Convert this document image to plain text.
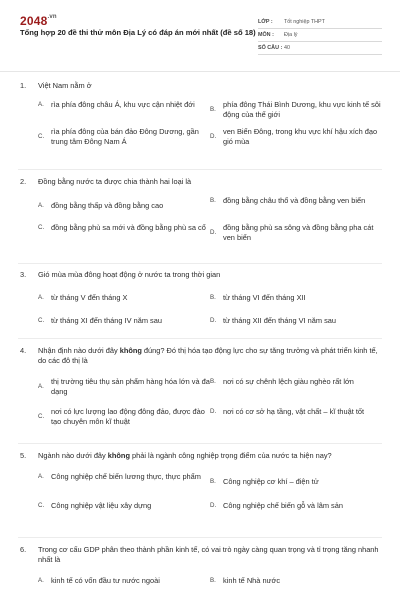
$2048^{.vn}$
Tổng hợp 20 đề thi thử môn Địa Lý có đáp án mới nhất (đề số 18)
LỚP :	Tốt nghiệp THPT
MÔN :	Địa lý
SỐ CÂU : 40
1.	Việt Nam nằm ở
A. rìa phía đông châu Á, khu vực cận nhiệt đới
B.
phía đông Thái Bình Dương, khu vực kinh tế sôi động của thế giới
C.
rìa phía đông của bán đảo Đông Dương, gần trung tâm Đông Nam Á
D.
ven Biển Đông, trong khu vực khí hậu xích đạo gió mùa
2.	Đồng bằng nước ta được chia thành hai loại là
A. đồng bằng thấp và đồng bằng cao
B. đồng bằng châu thổ và đồng bằng ven biển
C. đồng bằng phù sa mới và đồng bằng phù sa cổ
D.
đồng bằng phù sa sông và đồng bằng pha cát ven biển
3.	Gió mùa mùa đông hoạt động ở nước ta trong thời gian
A. từ tháng V đến tháng X	B. từ tháng VI đến tháng XII
C. từ tháng XI đến tháng IV năm sau	D. từ tháng XII đến tháng VI năm sau
4.	Nhận định nào dưới đây không đúng? Đó thị hóa tạo động lực cho sự tăng trưởng và phát triển kinh tế, do các đô thị là
A.
thị trường tiêu thụ sản phẩm hàng hóa lớn và đa dạng
B. nơi có sự chênh lệch giàu nghèo rất lớn
C.
nơi có lực lượng lao động đông đảo, được đào tạo chuyên môn kĩ thuật
D. nơi có cơ sở hạ tầng, vật chất – kĩ thuật tốt
5.	Ngành nào dưới đây không phải là ngành công nghiệp trọng điểm của nước ta hiện nay?
A. Công nghiệp chế biến lương thực, thực phẩm
B. Công nghiệp cơ khí – điện tử
C. Công nghiệp vật liệu xây dựng	D. Công nghiệp chế biến gỗ và lâm sản
6.	Trong cơ cấu GDP phân theo thành phần kinh tế, có vai trò ngày càng quan trọng và tỉ trọng tăng nhanh nhất là
A. kinh tế có vốn đầu tư nước ngoài	B. kinh tế Nhà nước
